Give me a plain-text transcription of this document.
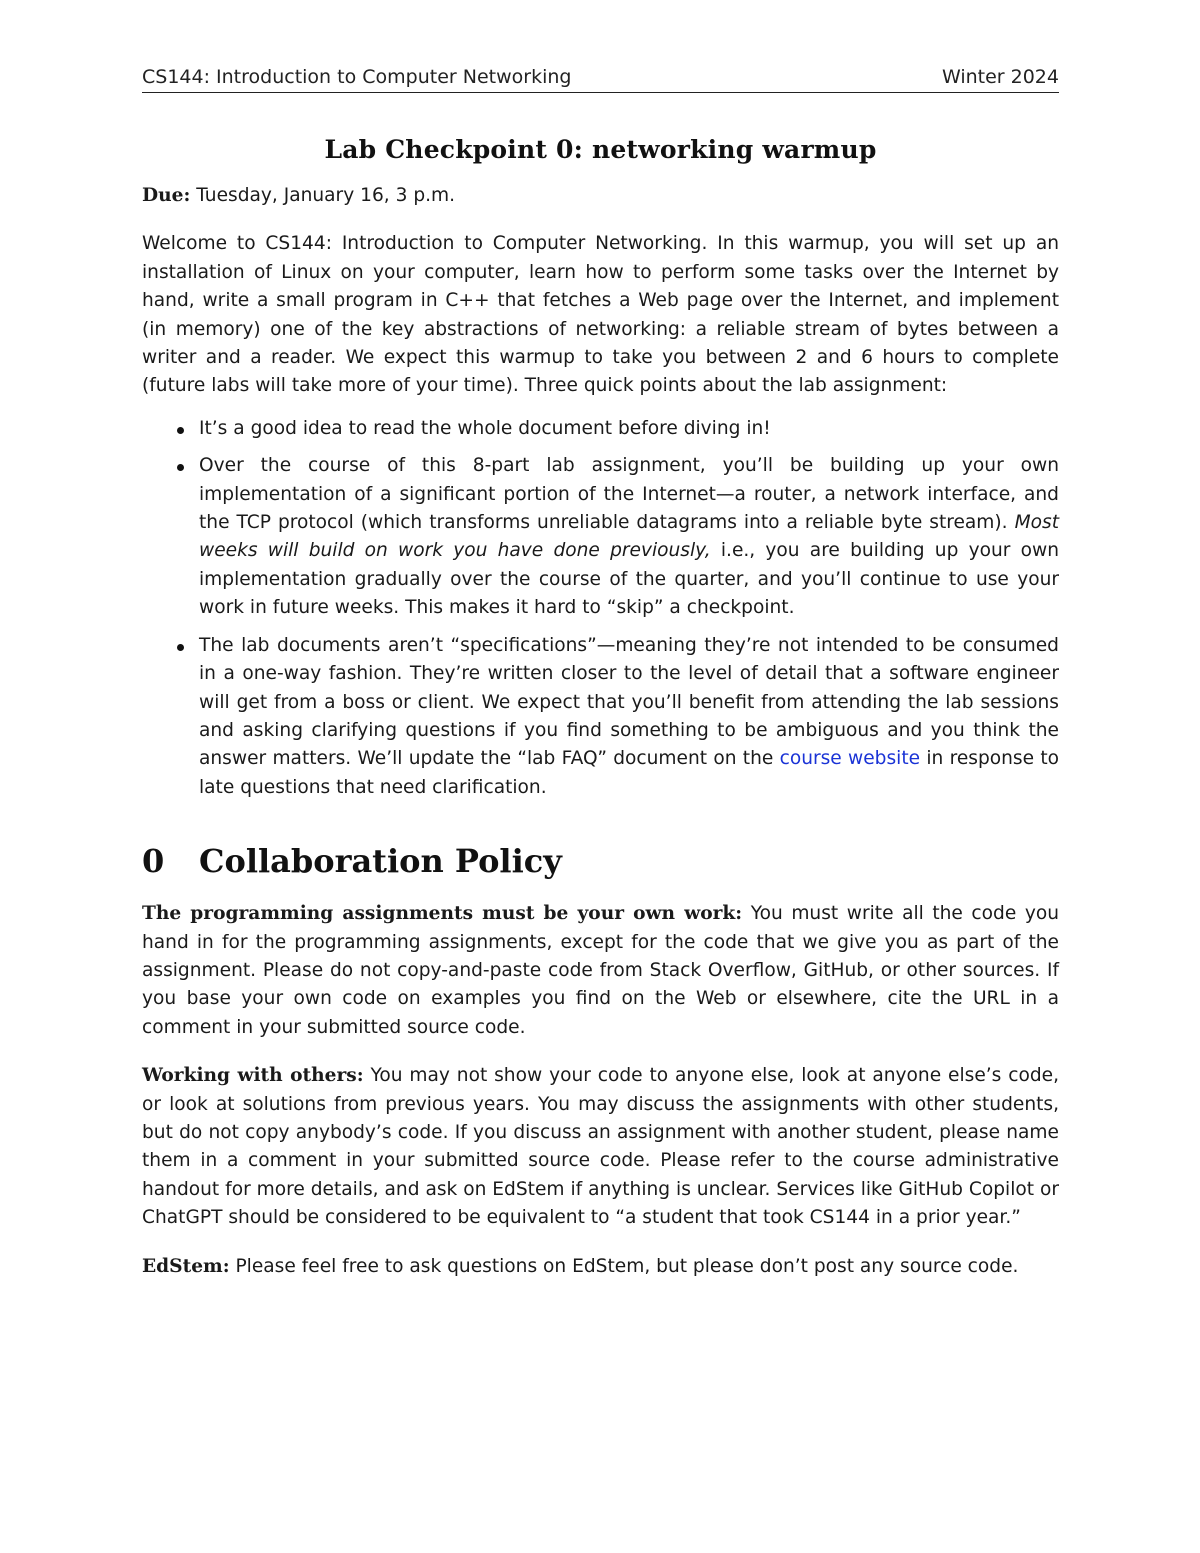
CS144: Introduction to Computer Networking	Winter 2024
Lab Checkpoint 0: networking warmup

Due: Tuesday, January 16, 3 p.m.

Welcome to CS144: Introduction to Computer Networking. In this warmup, you will set up an installation of Linux on your computer, learn how to perform some tasks over the Internet by hand, write a small program in C++ that fetches a Web page over the Internet, and implement (in memory) one of the key abstractions of networking: a reliable stream of bytes between a writer and a reader. We expect this warmup to take you between 2 and 6 hours to complete (future labs will take more of your time). Three quick points about the lab assignment:

It’s a good idea to read the whole document before diving in!
Over the course of this 8-part lab assignment, you’ll be building up your own implementation of a significant portion of the Internet—a router, a network interface, and the TCP protocol (which transforms unreliable datagrams into a reliable byte stream). Most weeks will build on work you have done previously, i.e., you are building up your own implementation gradually over the course of the quarter, and you’ll continue to use your work in future weeks. This makes it hard to “skip” a checkpoint.
The lab documents aren’t “specifications”—meaning they’re not intended to be consumed in a one-way fashion. They’re written closer to the level of detail that a software engineer will get from a boss or client. We expect that you’ll benefit from attending the lab sessions and asking clarifying questions if you find something to be ambiguous and you think the answer matters. We’ll update the “lab FAQ” document on the course website in response to late questions that need clarification.
0	Collaboration Policy

The programming assignments must be your own work: You must write all the code you hand in for the programming assignments, except for the code that we give you as part of the assignment. Please do not copy-and-paste code from Stack Overflow, GitHub, or other sources. If you base your own code on examples you find on the Web or elsewhere, cite the URL in a comment in your submitted source code.

Working with others: You may not show your code to anyone else, look at anyone else’s code, or look at solutions from previous years. You may discuss the assignments with other students, but do not copy anybody’s code. If you discuss an assignment with another student, please name them in a comment in your submitted source code. Please refer to the course administrative handout for more details, and ask on EdStem if anything is unclear. Services like GitHub Copilot or ChatGPT should be considered to be equivalent to “a student that took CS144 in a prior year.”

EdStem: Please feel free to ask questions on EdStem, but please don’t post any source code.
